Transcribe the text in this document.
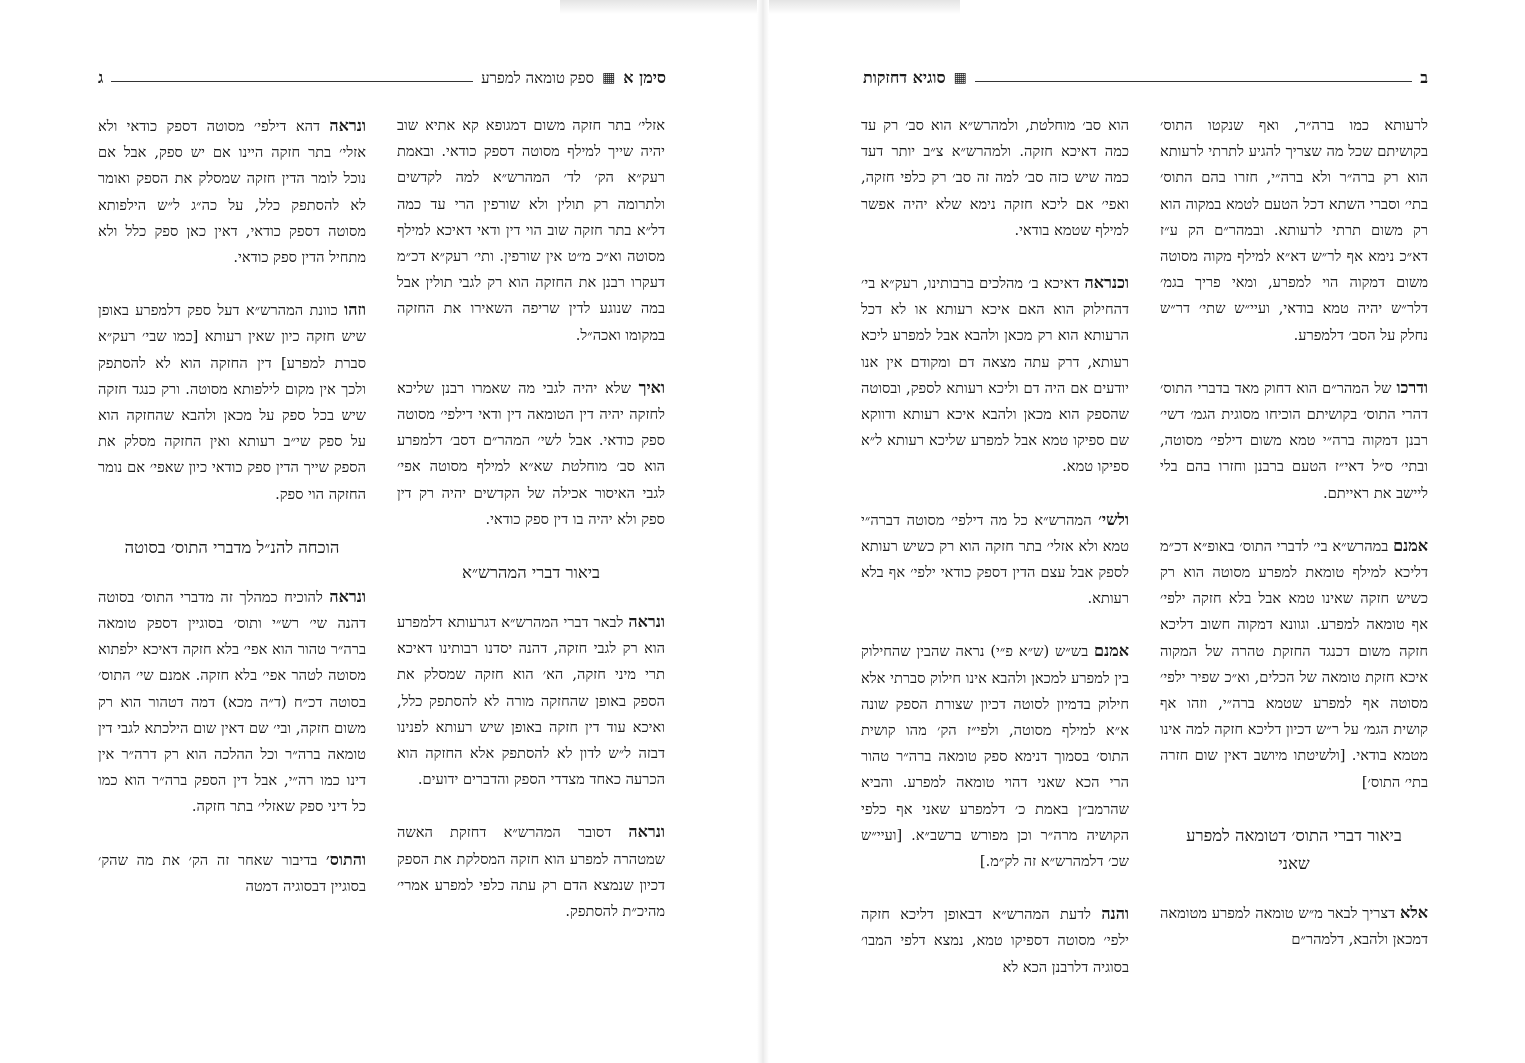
סימן א
▦
ספק טומאה למפרע
ג

אזלי׳ בתר חזקה משום דמגופא קא אתיא שוב יהיה שייך למילף מסוטה דספק כודאי. ובאמת רעק״א הק׳ לד׳ המהרש״א למה לקדשים ולתרומה רק תולין ולא שורפין הרי עד כמה דל״א בתר חזקה שוב הוי דין ודאי דאיכא למילף מסוטה וא״כ מ״ט אין שורפין. ותי׳ רעק״א דכ״מ דעקרו רבנן את החזקה הוא רק לגבי תולין אבל במה שנוגע לדין שריפה השאירו את החזקה במקומו ואכה״ל.

ואיך שלא יהיה לגבי מה שאמרו רבנן שליכא לחזקה יהיה דין הטומאה דין ודאי דילפי׳ מסוטה ספק כודאי. אבל לשי׳ המהר״ם דסב׳ דלמפרע הוא סב׳ מוחלטת שא״א למילף מסוטה אפי׳ לגבי האיסור אכילה של הקדשים יהיה רק דין ספק ולא יהיה בו דין ספק כודאי.

ביאור דברי המהרש״א

ונראה לבאר דברי המהרש״א דגרעותא דלמפרע הוא רק לגבי חזקה, דהנה יסדנו רבותינו דאיכא תרי מיני חזקה, הא׳ הוא חזקה שמסלק את הספק באופן שהחזקה מורה לא להסתפק כלל, ואיכא עוד דין חזקה באופן שיש רעותא לפנינו דבזה ל״ש לדון לא להסתפק אלא החזקה הוא הכרעה כאחד מצדדי הספק והדברים ידועים.

ונראה דסובר המהרש״א דחזקת האשה שמטהרה למפרע הוא חזקה המסלקת את הספק דכיון שנמצא הדם רק עתה כלפי למפרע אמרי׳ מהיכ״ת להסתפק.

ונראה דהא דילפי׳ מסוטה דספק כודאי ולא אזלי׳ בתר חזקה היינו אם יש ספק, אבל אם נוכל לומר הדין חזקה שמסלק את הספק ואומר לא להסתפק כלל, על כה״ג ל״ש הילפותא מסוטה דספק כודאי, דאין כאן ספק כלל ולא מתחיל הדין ספק כודאי.

וזהו כוונת המהרש״א דעל ספק דלמפרע באופן שיש חזקה כיון שאין רעותא [כמו שבי׳ רעק״א סברת למפרע] דין החזקה הוא לא להסתפק ולכך אין מקום לילפותא מסוטה. ורק כנגד חזקה שיש בכל ספק על מכאן ולהבא שהחזקה הוא על ספק שי״ב רעותא ואין החזקה מסלק את הספק שייך הדין ספק כודאי כיון שאפי׳ אם נומר החזקה הוי ספק.

הוכחה להנ״ל מדברי התוס׳ בסוטה

ונראה להוכיח כמהלך זה מדברי התוס׳ בסוטה דהנה שי׳ רש״י ותוס׳ בסוגיין דספק טומאה ברה״ר טהור הוא אפי׳ בלא חזקה דאיכא ילפתוא מסוטה לטהר אפי׳ בלא חזקה. אמנם שי׳ התוס׳ בסוטה דכ״ח (ד״ה מכא) דמה דטהור הוא רק משום חזקה, ובי׳ שם דאין שום הילכתא לגבי דין טומאה ברה״ר וכל ההלכה הוא רק דרה״ר אין דינו כמו רה״י, אבל דין הספק ברה״ר הוא כמו כל דיני ספק שאזלי׳ בתר חזקה.

והתוס׳ בדיבור שאחר זה הק׳ את מה שהק׳ בסוגיין דבסוגיה דמטה

ב
▦
סוגיא דחזקות

לרעותא כמו ברה״ר, ואף שנקטו התוס׳ בקושיתם שכל מה שצריך להגיע לתרתי לרעותא הוא רק ברה״ר ולא ברה״י, חזרו בהם התוס׳ בתי׳ וסברי השתא דכל הטעם לטמא במקוה הוא רק משום תרתי לרעותא. ובמהר״ם הק ע״ז דא״כ נימא אף לר״ש דא״א למילף מקוה מסוטה משום דמקוה הוי למפרע, ומאי פריך בגמ׳ דלר״ש יהיה טמא בודאי, ועיי״ש שתי׳ דר״ש נחלק על הסב׳ דלמפרע.

ודרכו של המהר״ם הוא דחוק מאד בדברי התוס׳ דהרי התוס׳ בקושיתם הוכיחו מסוגית הגמ׳ דשי׳ רבנן דמקוה ברה״י טמא משום דילפי׳ מסוטה, ובתי׳ ס״ל דאי״ז הטעם ברבנן וחזרו בהם בלי ליישב את ראייתם.

אמנם במהרש״א בי׳ לדברי התוס׳ באופ״א דכ״מ דליכא למילף טומאת למפרע מסוטה הוא רק כשיש חזקה שאינו טמא אבל בלא חזקה ילפי׳ אף טומאה למפרע. וגוונא דמקוה חשוב דליכא חזקה משום דכנגד החזקת טהרה של המקוה איכא חזקת טומאה של הכלים, וא״כ שפיר ילפי׳ מסוטה אף למפרע שטמא ברה״י, וזהו אף קושית הגמ׳ על ר״ש דכיון דליכא חזקה למה אינו מטמא בודאי. [ולשיטתו מיושב דאין שום חזרה בתי׳ התוס׳]

ביאור דברי התוס׳ דטומאה למפרע שאני

אלא דצריך לבאר מ״ש טומאה למפרע מטומאה דמכאן ולהבא, דלמהר״ם

הוא סב׳ מוחלטת, ולמהרש״א הוא סב׳ רק עד כמה דאיכא חזקה. ולמהרש״א צ״ב יותר דעד כמה שיש כזה סב׳ למה זה סב׳ רק כלפי חזקה, ואפי׳ אם ליכא חזקה נימא שלא יהיה אפשר למילף שטמא בודאי.

וכנראה דאיכא ב׳ מהלכים ברבותינו, רעק״א בי׳ דהחילוק הוא האם איכא רעותא או לא דכל הרעותא הוא רק מכאן ולהבא אבל למפרע ליכא רעותא, דרק עתה מצאה דם ומקודם אין אנו יודעים אם היה דם וליכא רעותא לספק, ובסוטה שהספק הוא מכאן ולהבא איכא רעותא ודווקא שם ספיקו טמא אבל למפרע שליכא רעותא ל״א ספיקו טמא.

ולשי׳ המהרש״א כל מה דילפי׳ מסוטה דברה״י טמא ולא אזלי׳ בתר חזקה הוא רק כשיש רעותא לספק אבל עצם הדין דספק כודאי ילפי׳ אף בלא רעותא.

אמנם בש״ש (ש״א פ״י) נראה שהבין שהחילוק בין למפרע למכאן ולהבא אינו חילוק סברתי אלא חילוק בדמיון לסוטה דכיון שצורת הספק שונה א״א למילף מסוטה, ולפי״ז הק׳ מהו קושית התוס׳ בסמוך דנימא ספק טומאה ברה״ר טהור הרי הכא שאני דהוי טומאה למפרע. והביא שהרמב״ן באמת כ׳ דלמפרע שאני אף כלפי הקושיה מרה״ר וכן מפורש ברשב״א. [ועיי״ש שכ׳ דלמהרש״א זה לק״מ.]

והנה לדעת המהרש״א דבאופן דליכא חזקה ילפי׳ מסוטה דספיקו טמא, נמצא דלפי המבו׳ בסוגיה דלרבנן הכא לא
